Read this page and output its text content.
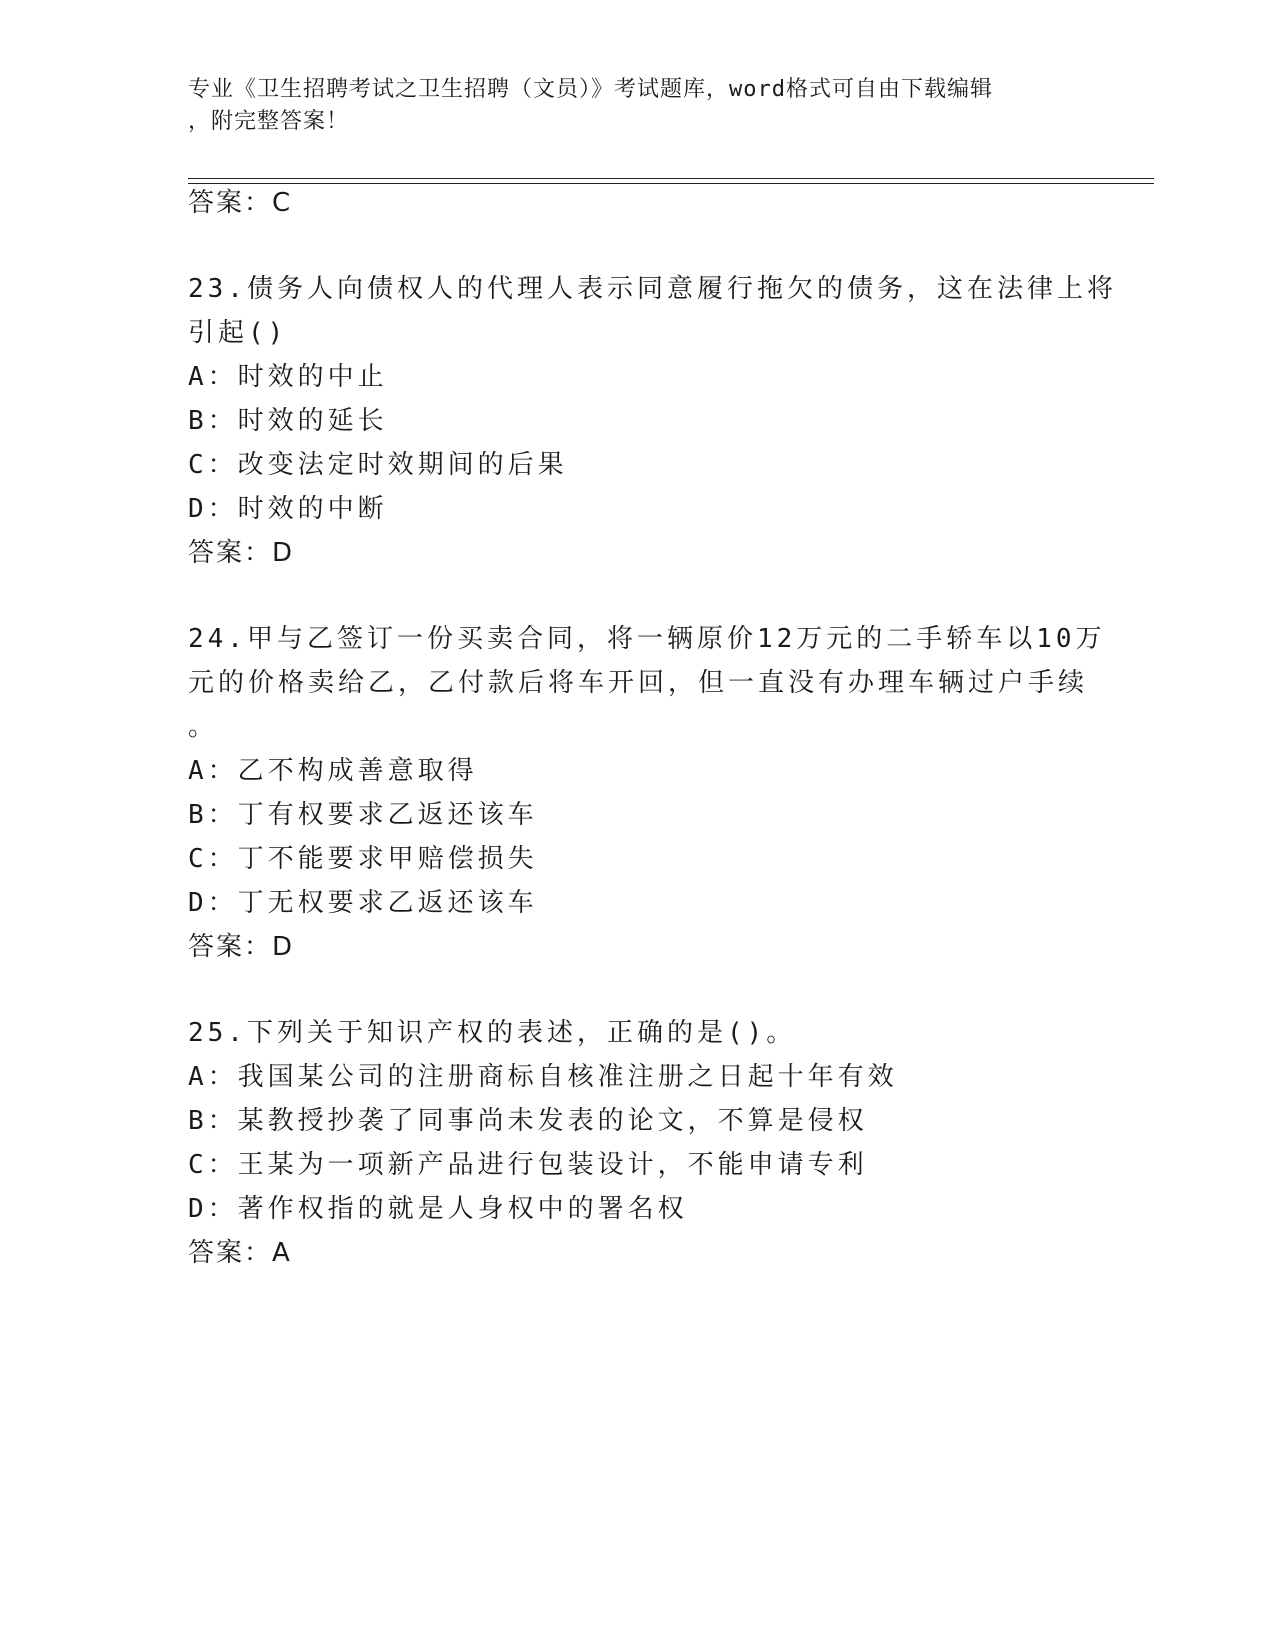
专业《卫生招聘考试之卫生招聘（文员）》考试题库，word格式可自由下载编辑
，附完整答案！
答案：C
23.债务人向债权人的代理人表示同意履行拖欠的债务，这在法律上将
引起()
A：时效的中止
B：时效的延长
C：改变法定时效期间的后果
D：时效的中断
答案：D
24.甲与乙签订一份买卖合同，将一辆原价12万元的二手轿车以10万
元的价格卖给乙，乙付款后将车开回，但一直没有办理车辆过户手续
。
A：乙不构成善意取得
B：丁有权要求乙返还该车
C：丁不能要求甲赔偿损失
D：丁无权要求乙返还该车
答案：D
25.下列关于知识产权的表述，正确的是()。
A：我国某公司的注册商标自核准注册之日起十年有效
B：某教授抄袭了同事尚未发表的论文，不算是侵权
C：王某为一项新产品进行包装设计，不能申请专利
D：著作权指的就是人身权中的署名权
答案：A
